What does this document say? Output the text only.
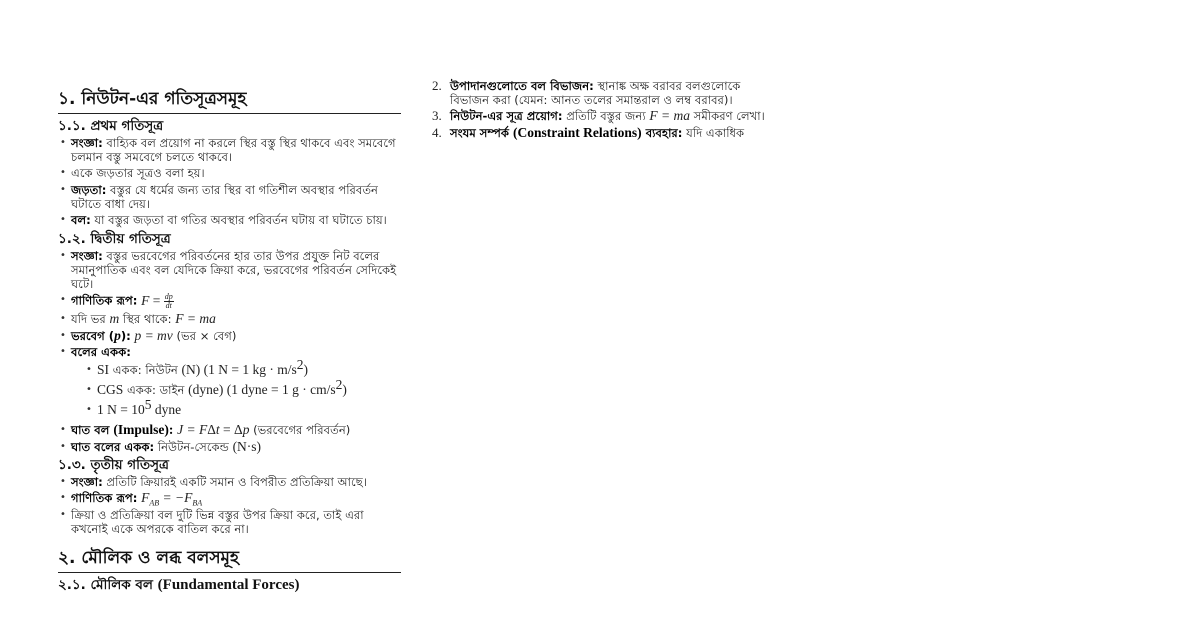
১. নিউটন-এর গতিসূত্রসমূহ
১.১. প্রথম গতিসূত্র
• সংজ্ঞা: বাহ্যিক বল প্রয়োগ না করলে স্থির বস্তু স্থির থাকবে এবং সমবেগে চলমান বস্তু সমবেগে চলতে থাকবে।
• একে জড়তার সূত্রও বলা হয়।
• জড়তা: বস্তুর যে ধর্মের জন্য তার স্থির বা গতিশীল অবস্থার পরিবর্তন ঘটাতে বাধা দেয়।
• বল: যা বস্তুর জড়তা বা গতির অবস্থার পরিবর্তন ঘটায় বা ঘটাতে চায়।
১.২. দ্বিতীয় গতিসূত্র
• সংজ্ঞা: বস্তুর ভরবেগের পরিবর্তনের হার তার উপর প্রযুক্ত নিট বলের সমানুপাতিক এবং বল যেদিকে ক্রিয়া করে, ভরবেগের পরিবর্তন সেদিকেই ঘটে।
• গাণিতিক রূপ: $F = \frac{dp}{dt}$
• যদি ভর m স্থির থাকে: F = ma
• ভরবেগ (p): p = mv (ভর × বেগ)
• বলের একক:
• SI একক: নিউটন (N) (1 N = 1 kg · $m/s^2$)
• CGS একক: ডাইন (dyne) (1 dyne = 1 $g \cdot cm/s^2$)
• 1 $N = 10^5$ dyne
• ঘাত বল (Impulse): J = FΔt = Δp (ভরবেগের পরিবর্তন)
• ঘাত বলের একক: নিউটন-সেকেন্ড (N·s)
১.৩. তৃতীয় গতিসূত্র
• সংজ্ঞা: প্রতিটি ক্রিয়ারই একটি সমান ও বিপরীত প্রতিক্রিয়া আছে।
• গাণিতিক রূপ: $F_{AB} = -F_{BA}$
• ক্রিয়া ও প্রতিক্রিয়া বল দুটি ভিন্ন বস্তুর উপর ক্রিয়া করে, তাই এরা কখনোই একে অপরকে বাতিল করে না।
২. মৌলিক ও লব্ধ বলসমূহ
২.১. মৌলিক বল (Fundamental Forces)
2. উপাদানগুলোতে বল বিভাজন: স্থানাঙ্ক অক্ষ বরাবর বলগুলোকে বিভাজন করা (যেমন: আনত তলের সমান্তরাল ও লম্ব বরাবর)।
3. নিউটন-এর সূত্র প্রয়োগ: প্রতিটি বস্তুর জন্য F = ma সমীকরণ লেখা।
4. সংযম সম্পর্ক (Constraint Relations) ব্যবহার: যদি একাধিক
